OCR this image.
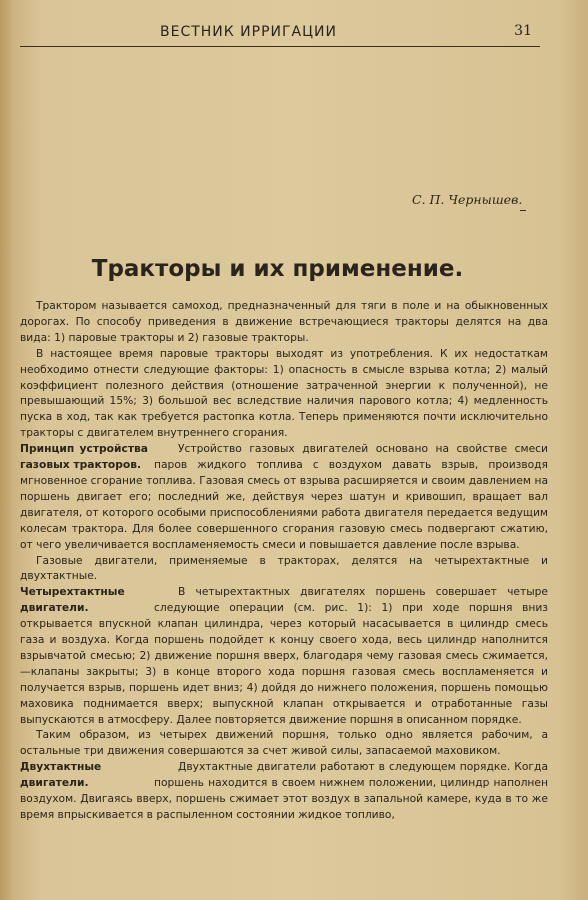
ВЕСТНИК ИРРИГАЦИИ	31
С. П. Чернышев.
Тракторы и их применение.

Трактором называется самоход, предназначенный для тяги в поле и на обыкновенных дорогах. По способу приведения в движение встречающиеся тракторы делятся на два вида: 1) паровые тракторы и 2) газовые тракторы.

В настоящее время паровые тракторы выходят из употребления. К их недостаткам необходимо отнести следующие факторы: 1) опасность в смысле взрыва котла; 2) малый коэффициент полезного действия (отношение затраченной энергии к полученной), не превышающий 15%; 3) большой вес вследствие наличия парового котла; 4) медленность пуска в ход, так как требуется растопка котла. Теперь применяются почти исключительно тракторы с двигателем внутреннего сгорания.

Принцип устройства газовых тракторов.

Устройство газовых двигателей основано на свойстве смеси паров жидкого топлива с воздухом давать взрыв, производя мгновенное сгорание топлива. Газовая смесь от взрыва расширяется и своим давлением на поршень двигает его; последний же, действуя через шатун и кривошип, вращает вал двигателя, от которого особыми приспособлениями работа двигателя передается ведущим колесам трактора. Для более совершенного сгорания газовую смесь подвергают сжатию, от чего увеличивается воспламеняемость смеси и повышается давление после взрыва.

Газовые двигатели, применяемые в тракторах, делятся на четырехтактные и двухтактные.

Четырехтактные двигатели.

В четырехтактных двигателях поршень совершает четыре следующие операции (см. рис. 1): 1) при ходе поршня вниз открывается впускной клапан цилиндра, через который насасывается в цилиндр смесь газа и воздуха. Когда поршень подойдет к концу своего хода, весь цилиндр наполнится взрывчатой смесью; 2) движение поршня вверх, благодаря чему газовая смесь сжимается,—клапаны закрыты; 3) в конце второго хода поршня газовая смесь воспламеняется и получается взрыв, поршень идет вниз; 4) дойдя до нижнего положения, поршень помощью маховика поднимается вверх; выпускной клапан открывается и отработанные газы выпускаются в атмосферу. Далее повторяется движение поршня в описанном порядке.

Таким образом, из четырех движений поршня, только одно является рабочим, а остальные три движения совершаются за счет живой силы, запасаемой маховиком.

Двухтактные двигатели.

Двухтактные двигатели работают в следующем порядке. Когда поршень находится в своем нижнем положении, цилиндр наполнен воздухом. Двигаясь вверх, поршень сжимает этот воздух в запальной камере, куда в то же время впрыскивается в распыленном состоянии жидкое топливо,
